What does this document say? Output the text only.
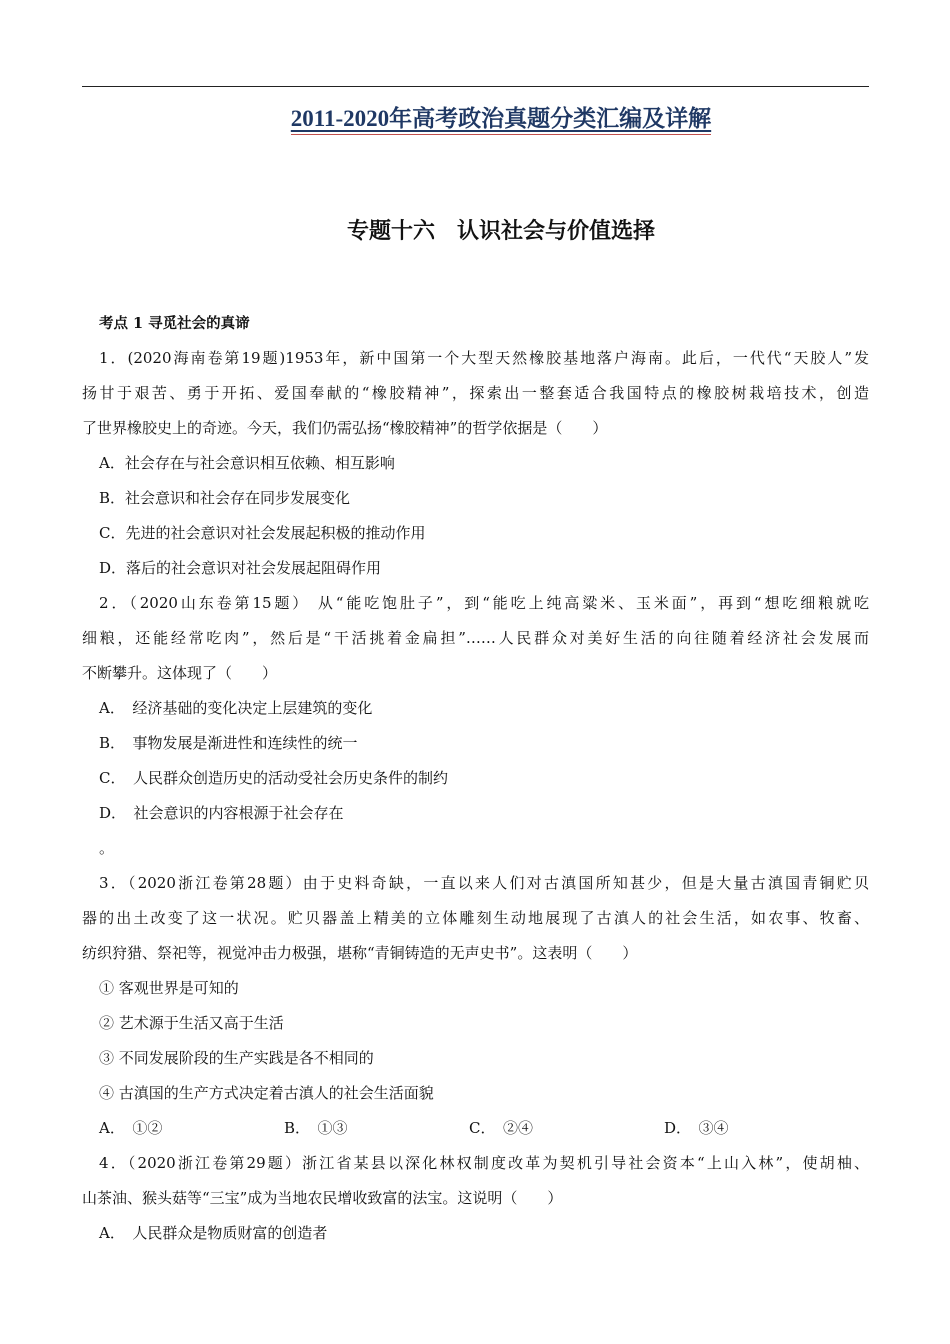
2011-2020年高考政治真题分类汇编及详解
专题十六　认识社会与价值选择
考点 1 寻觅社会的真谛
1．(2020海南卷第19题)1953年，新中国第一个大型天然橡胶基地落户海南。此后，一代代“天胶人”发
扬甘于艰苦、勇于开拓、爱国奉献的“橡胶精神”，探索出一整套适合我国特点的橡胶树栽培技术，创造
了世界橡胶史上的奇迹。今天，我们仍需弘扬“橡胶精神”的哲学依据是（　　）
A．社会存在与社会意识相互依赖、相互影响
B．社会意识和社会存在同步发展变化
C．先进的社会意识对社会发展起积极的推动作用
D．落后的社会意识对社会发展起阻碍作用
2．（2020山东卷第15题） 从“能吃饱肚子”，到“能吃上纯高粱米、玉米面”，再到“想吃细粮就吃
细粮，还能经常吃肉”，然后是“干活挑着金扁担”……人民群众对美好生活的向往随着经济社会发展而
不断攀升。这体现了（　　）
A．　经济基础的变化决定上层建筑的变化
B．　事物发展是渐进性和连续性的统一
C．　人民群众创造历史的活动受社会历史条件的制约
D．　社会意识的内容根源于社会存在
。
3．（2020浙江卷第28题）由于史料奇缺，一直以来人们对古滇国所知甚少，但是大量古滇国青铜贮贝
器的出土改变了这一状况。贮贝器盖上精美的立体雕刻生动地展现了古滇人的社会生活，如农事、牧畜、
纺织狩猎、祭祀等，视觉冲击力极强，堪称“青铜铸造的无声史书”。这表明（　　）
① 客观世界是可知的
② 艺术源于生活又高于生活
③ 不同发展阶段的生产实践是各不相同的
④ 古滇国的生产方式决定着古滇人的社会生活面貌
A．　①②	B．　①③	C．　②④	D．　③④
4．（2020浙江卷第29题）浙江省某县以深化林权制度改革为契机引导社会资本“上山入林”，使胡柚、
山茶油、猴头菇等“三宝”成为当地农民增收致富的法宝。这说明（　　）
A．　人民群众是物质财富的创造者
